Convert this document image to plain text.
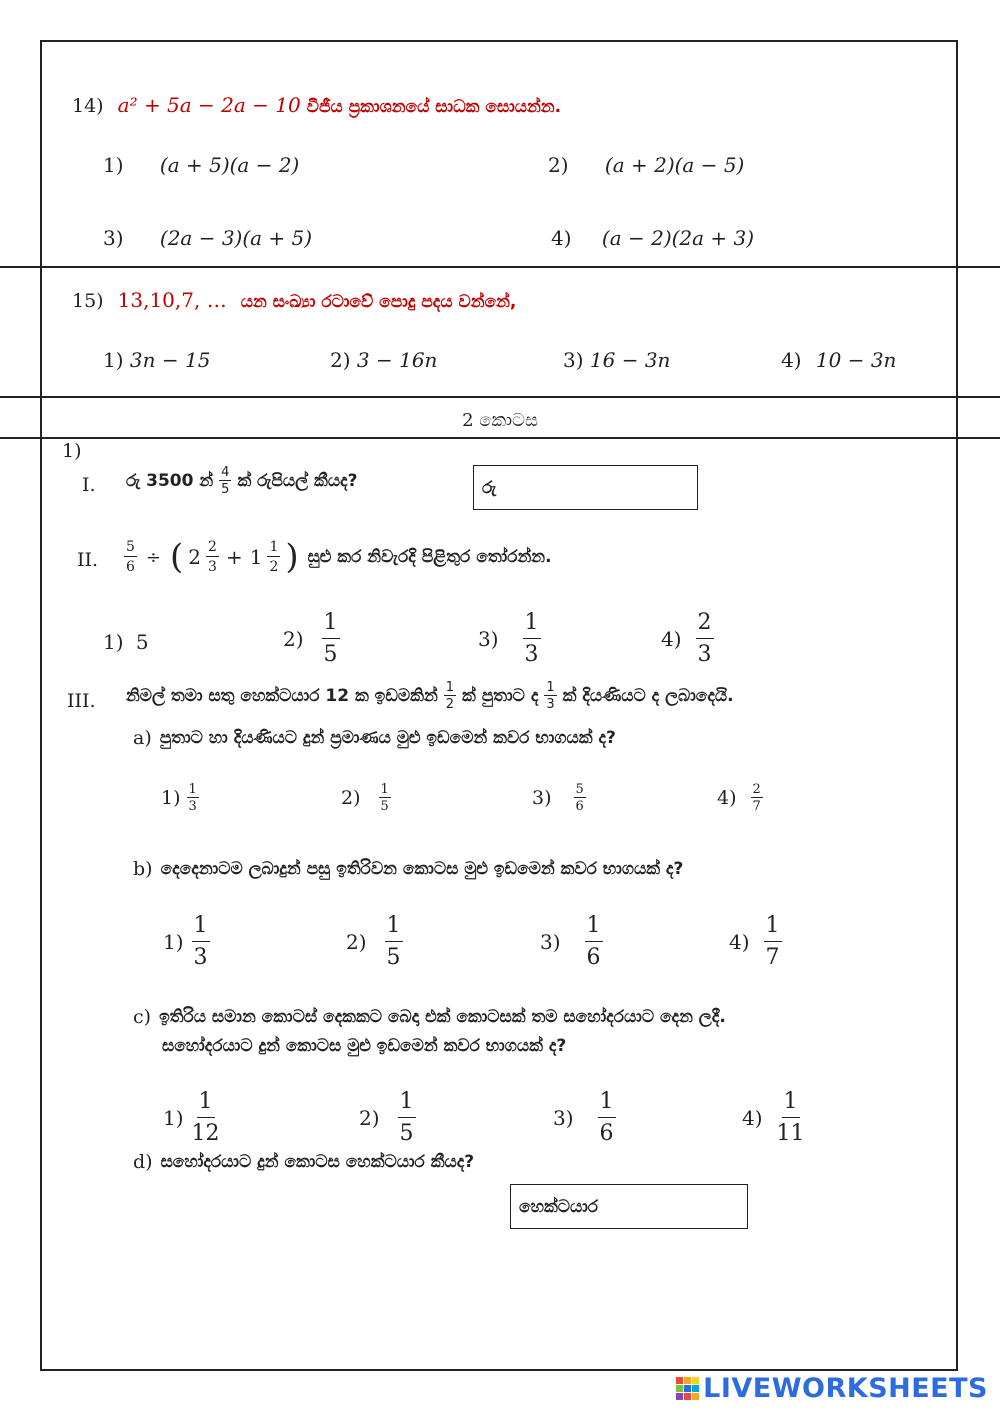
14) a² + 5a − 2a − 10 වීජීය ප්‍රකාශනයේ සාධක සොයන්න.
1) (a + 5)(a − 2)	2) (a + 2)(a − 5)
3) (2a − 3)(a + 5)	4) (a − 2)(2a + 3)
15) 13,10,7, … යන සංඛ්‍යා රටාවේ පොදු පදය වන්නේ,
1) 3n − 15	2) 3 − 16n	3) 16 − 3n	4) 10 − 3n
2 කොටස
1)
I. රු 3500 න් $\frac{4}{5}$ ක් රුපියල් කීයද?	රු
II. $\frac{5}{6}$ ÷ ( $2 \frac{2}{3} + 1 \frac{1}{2}$ ) සුළු කර නිවැරදි පිළිතුර තෝරන්න.
1) 5	$2) \frac{1}{5}$	$3) \frac{1}{3}$	$4) \frac{2}{3}$
III. නිමල් තමා සතු හෙක්ටයාර 12 ක ඉඩමකින් $\frac{1}{2}$ ක් පුතාට ද $\frac{1}{3}$ ක් දියණියට ද ලබාදෙයි.
a) පුතාට හා දියණියට දුන් ප්‍රමාණය මුළු ඉඩමෙන් කවර භාගයක් ද?
$1) \frac{1}{3}$	$2) \frac{1}{5}$	$3) \frac{5}{6}$	$4) \frac{2}{7}$
b) දෙදෙනාටම ලබාදුන් පසු ඉතිරිවන කොටස මුළු ඉඩමෙන් කවර භාගයක් ද?
$1) \frac{1}{3}$	$2) \frac{1}{5}$	$3) \frac{1}{6}$	$4) \frac{1}{7}$
c) ඉතිරිය සමාන කොටස් දෙකකට බෙදා එක් කොටසක් තම සහෝදරයාට දෙන ලදී.
සහෝදරයාට දුන් කොටස මුළු ඉඩමෙන් කවර භාගයක් ද?
$1) \frac{1}{12}$	$2) \frac{1}{5}$	$3) \frac{1}{6}$	$4) \frac{1}{11}$
d) සහෝදරයාට දුන් කොටස හෙක්ටයාර කීයද?
හෙක්ටයාර
LIVEWORKSHEETS
